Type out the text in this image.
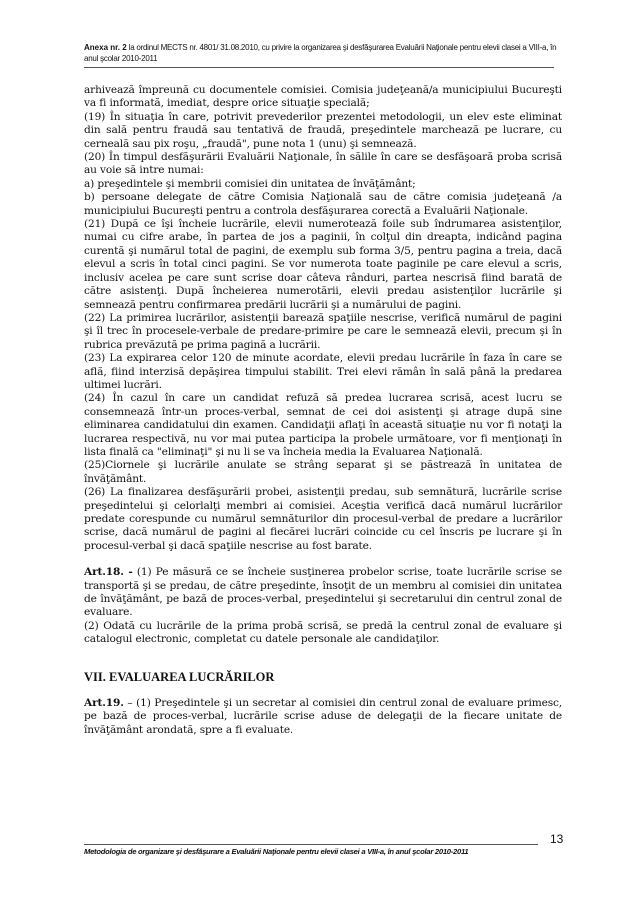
Anexa nr. 2 la ordinul MECTS nr. 4801/ 31.08.2010, cu privire la organizarea şi desfăşurarea Evaluării Naţionale pentru elevii clasei a VIII-a, în anul şcolar 2010-2011

arhivează împreună cu documentele comisiei. Comisia judeţeană/a municipiului Bucureşti va fi informată, imediat, despre orice situaţie specială;

(19) În situaţia în care, potrivit prevederilor prezentei metodologii, un elev este eliminat din sală pentru fraudă sau tentativă de fraudă, preşedintele marchează pe lucrare, cu cerneală sau pix roşu, „fraudă", pune nota 1 (unu) şi semnează.

(20) În timpul desfăşurării Evaluării Naţionale, în sălile în care se desfăşoară proba scrisă au voie să intre numai:

a) preşedintele şi membrii comisiei din unitatea de învăţământ;

b) persoane delegate de către Comisia Naţională sau de către comisia judeţeană /a municipiului Bucureşti pentru a controla desfăşurarea corectă a Evaluării Naţionale.

(21) După ce îşi încheie lucrările, elevii numerotează foile sub îndrumarea asistenţilor, numai cu cifre arabe, în partea de jos a paginii, în colţul din dreapta, indicând pagina curentă şi numărul total de pagini, de exemplu sub forma 3/5, pentru pagina a treia, dacă elevul a scris în total cinci pagini. Se vor numerota toate paginile pe care elevul a scris, inclusiv acelea pe care sunt scrise doar câteva rânduri, partea nescrisă fiind barată de către asistenţi. După încheierea numerotării, elevii predau asistenţilor lucrările şi semnează pentru confirmarea predării lucrării şi a numărului de pagini.

(22) La primirea lucrărilor, asistenţii barează spaţiile nescrise, verifică numărul de pagini şi îl trec în procesele-verbale de predare-primire pe care le semnează elevii, precum şi în rubrica prevăzută pe prima pagină a lucrării.

(23) La expirarea celor 120 de minute acordate, elevii predau lucrările în faza în care se află, fiind interzisă depăşirea timpului stabilit. Trei elevi rămân în sală până la predarea ultimei lucrări.

(24) În cazul în care un candidat refuză să predea lucrarea scrisă, acest lucru se consemnează într-un proces-verbal, semnat de cei doi asistenţi şi atrage după sine eliminarea candidatului din examen. Candidaţii aflaţi în această situaţie nu vor fi notaţi la lucrarea respectivă, nu vor mai putea participa la probele următoare, vor fi menţionaţi în lista finală ca "eliminaţi" şi nu li se va încheia media la Evaluarea Naţională.

(25)Ciornele şi lucrările anulate se strâng separat şi se păstrează în unitatea de învăţământ.

(26) La finalizarea desfăşurării probei, asistenţii predau, sub semnătură, lucrările scrise preşedintelui şi celorlalţi membri ai comisiei. Aceştia verifică dacă numărul lucrărilor predate corespunde cu numărul semnăturilor din procesul-verbal de predare a lucrărilor scrise, dacă numărul de pagini al fiecărei lucrări coincide cu cel înscris pe lucrare şi în procesul-verbal şi dacă spaţiile nescrise au fost barate.

Art.18. - (1) Pe măsură ce se încheie susţinerea probelor scrise, toate lucrările scrise se transportă şi se predau, de către preşedinte, însoţit de un membru al comisiei din unitatea de învăţământ, pe bază de proces-verbal, preşedintelui şi secretarului din centrul zonal de evaluare.

(2) Odată cu lucrările de la prima probă scrisă, se predă la centrul zonal de evaluare şi catalogul electronic, completat cu datele personale ale candidaţilor.

VII. EVALUAREA LUCRĂRILOR

Art.19. – (1) Preşedintele şi un secretar al comisiei din centrul zonal de evaluare primesc, pe bază de proces-verbal, lucrările scrise aduse de delegaţii de la fiecare unitate de învăţământ arondată, spre a fi evaluate.

Metodologia de organizare şi desfăşurare a Evaluării Naţionale pentru elevii clasei a VIII-a, în anul şcolar 2010-2011
13
